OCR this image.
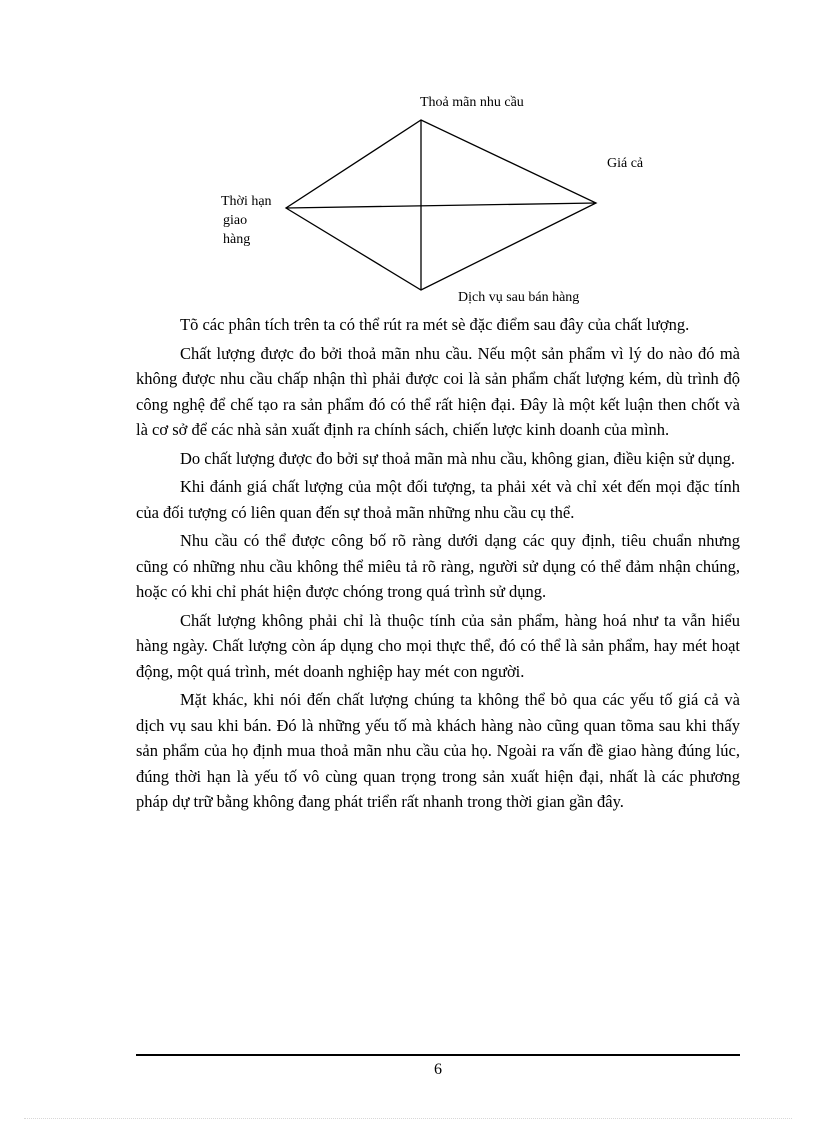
Thoả mãn nhu cầu
Giá cả
Thời hạn
giao
hàng
Dịch vụ sau bán hàng

Tõ các phân tích trên ta có thể rút ra mét sè đặc điểm sau đây của chất lượng.

Chất lượng được đo bởi thoả mãn nhu cầu. Nếu một sản phẩm vì lý do nào đó mà không được nhu cầu chấp nhận thì phải được coi là sản phẩm chất lượng kém, dù trình độ công nghệ để chế tạo ra sản phẩm đó có thể rất hiện đại. Đây là một kết luận then chốt và là cơ sở để các nhà sản xuất định ra chính sách, chiến lược kinh doanh của mình.

Do chất lượng được đo bởi sự thoả mãn mà nhu cầu, không gian, điều kiện sử dụng.

Khi đánh giá chất lượng của một đối tượng, ta phải xét và chỉ xét đến mọi đặc tính của đối tượng có liên quan đến sự thoả mãn những nhu cầu cụ thể.

Nhu cầu có thể được công bố rõ ràng dưới dạng các quy định, tiêu chuẩn nhưng cũng có những nhu cầu không thể miêu tả rõ ràng, người sử dụng có thể đảm nhận chúng, hoặc có khi chỉ phát hiện được chóng trong quá trình sử dụng.

Chất lượng không phải chỉ là thuộc tính của sản phẩm, hàng hoá như ta vẫn hiểu hàng ngày. Chất lượng còn áp dụng cho mọi thực thể, đó có thể là sản phẩm, hay mét hoạt động, một quá trình, mét doanh nghiệp hay mét con người.

Mặt khác, khi nói đến chất lượng chúng ta không thể bỏ qua các yếu tố giá cả và dịch vụ sau khi bán. Đó là những yếu tố mà khách hàng nào cũng quan tõma sau khi thấy sản phẩm của họ định mua thoả mãn nhu cầu của họ. Ngoài ra vấn đề giao hàng đúng lúc, đúng thời hạn là yếu tố vô cùng quan trọng trong sản xuất hiện đại, nhất là các phương pháp dự trữ bằng không đang phát triển rất nhanh trong thời gian gần đây.

6
